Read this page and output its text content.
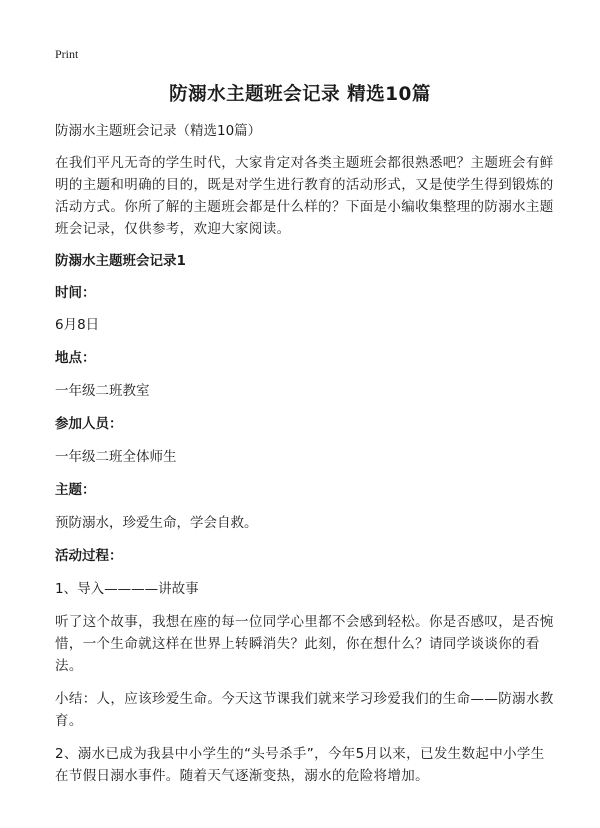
Print
防溺水主题班会记录 精选10篇

防溺水主题班会记录（精选10篇）

在我们平凡无奇的学生时代，大家肯定对各类主题班会都很熟悉吧？主题班会有鲜明的主题和明确的目的，既是对学生进行教育的活动形式，又是使学生得到锻炼的活动方式。你所了解的主题班会都是什么样的？下面是小编收集整理的防溺水主题班会记录，仅供参考，欢迎大家阅读。

防溺水主题班会记录1

时间：

6月8日

地点：

一年级二班教室

参加人员：

一年级二班全体师生

主题：

预防溺水，珍爱生命，学会自救。

活动过程：

1、导入————讲故事

听了这个故事，我想在座的每一位同学心里都不会感到轻松。你是否感叹，是否惋惜，一个生命就这样在世界上转瞬消失？此刻，你在想什么？请同学谈谈你的看法。

小结：人，应该珍爱生命。今天这节课我们就来学习珍爱我们的生命——防溺水教育。

2、溺水已成为我县中小学生的“头号杀手”，今年5月以来，已发生数起中小学生在节假日溺水事件。随着天气逐渐变热，溺水的危险将增加。
